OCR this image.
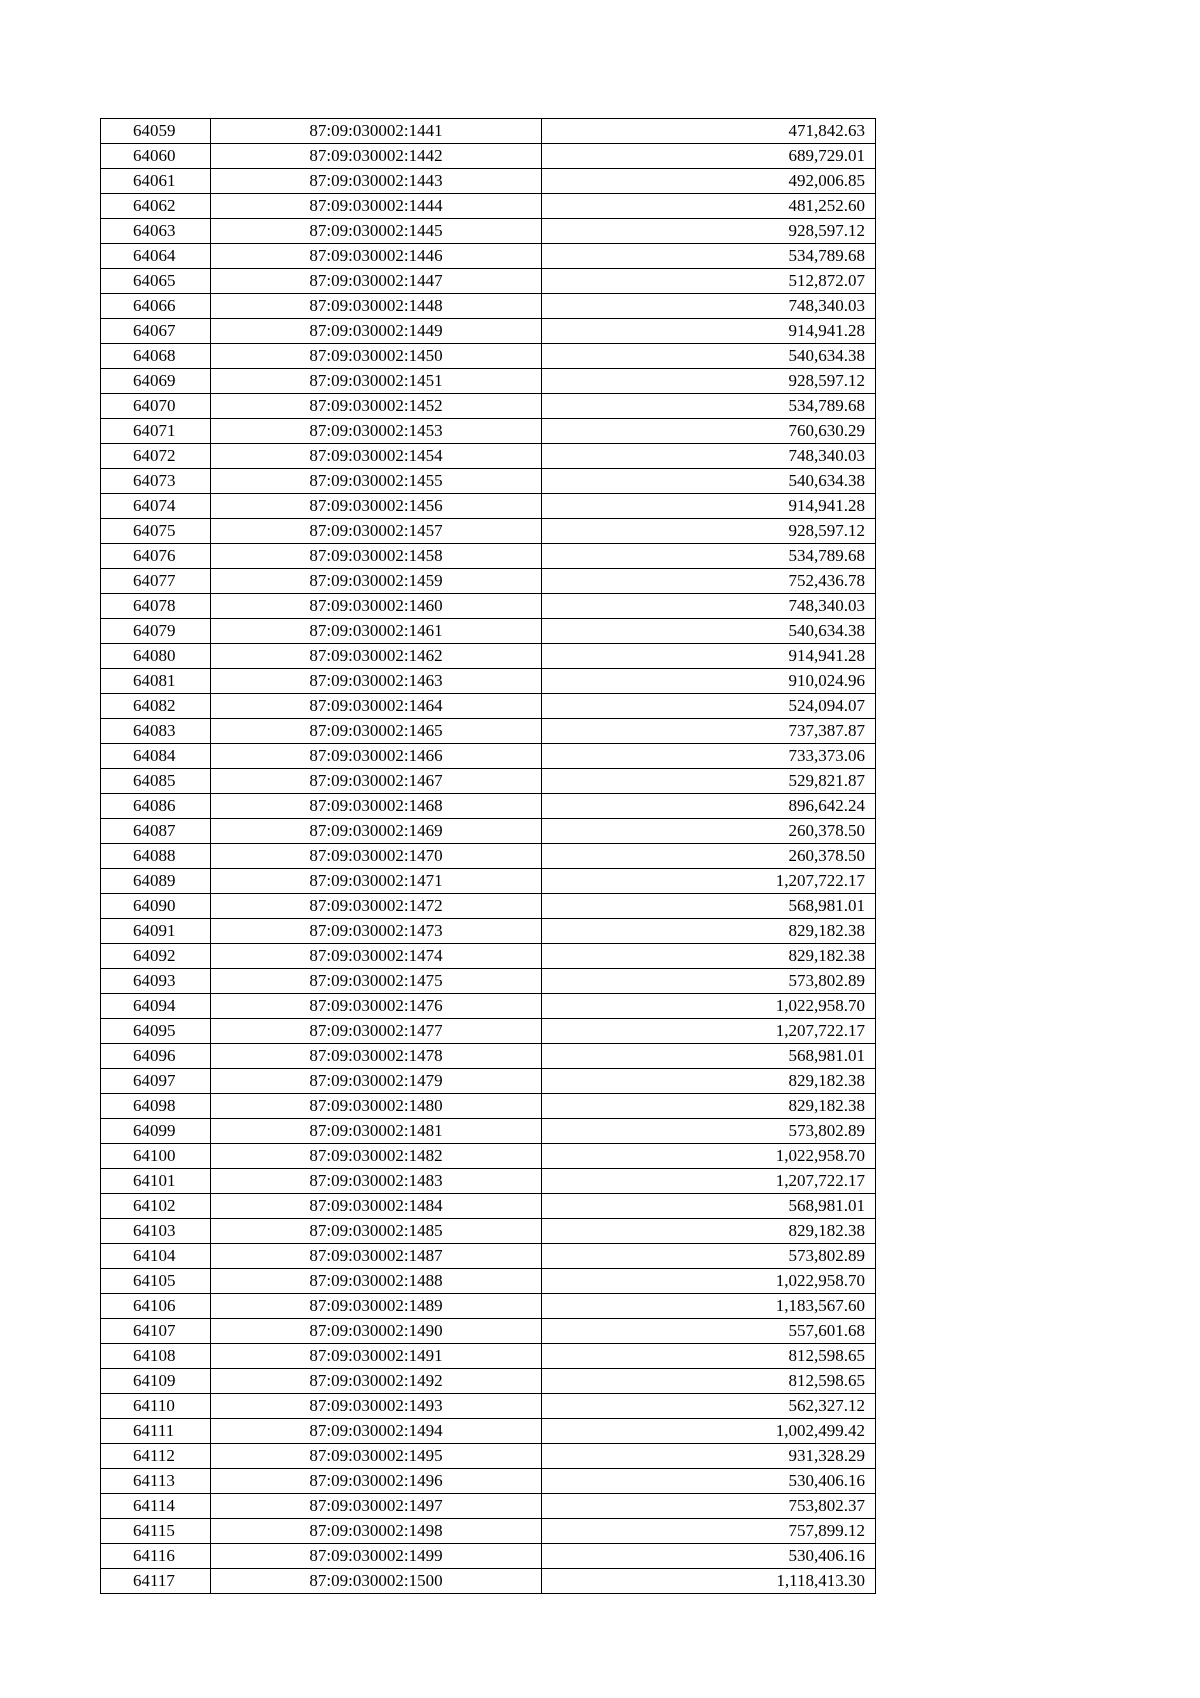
64059	87:09:030002:1441	471,842.63
64060	87:09:030002:1442	689,729.01
64061	87:09:030002:1443	492,006.85
64062	87:09:030002:1444	481,252.60
64063	87:09:030002:1445	928,597.12
64064	87:09:030002:1446	534,789.68
64065	87:09:030002:1447	512,872.07
64066	87:09:030002:1448	748,340.03
64067	87:09:030002:1449	914,941.28
64068	87:09:030002:1450	540,634.38
64069	87:09:030002:1451	928,597.12
64070	87:09:030002:1452	534,789.68
64071	87:09:030002:1453	760,630.29
64072	87:09:030002:1454	748,340.03
64073	87:09:030002:1455	540,634.38
64074	87:09:030002:1456	914,941.28
64075	87:09:030002:1457	928,597.12
64076	87:09:030002:1458	534,789.68
64077	87:09:030002:1459	752,436.78
64078	87:09:030002:1460	748,340.03
64079	87:09:030002:1461	540,634.38
64080	87:09:030002:1462	914,941.28
64081	87:09:030002:1463	910,024.96
64082	87:09:030002:1464	524,094.07
64083	87:09:030002:1465	737,387.87
64084	87:09:030002:1466	733,373.06
64085	87:09:030002:1467	529,821.87
64086	87:09:030002:1468	896,642.24
64087	87:09:030002:1469	260,378.50
64088	87:09:030002:1470	260,378.50
64089	87:09:030002:1471	1,207,722.17
64090	87:09:030002:1472	568,981.01
64091	87:09:030002:1473	829,182.38
64092	87:09:030002:1474	829,182.38
64093	87:09:030002:1475	573,802.89
64094	87:09:030002:1476	1,022,958.70
64095	87:09:030002:1477	1,207,722.17
64096	87:09:030002:1478	568,981.01
64097	87:09:030002:1479	829,182.38
64098	87:09:030002:1480	829,182.38
64099	87:09:030002:1481	573,802.89
64100	87:09:030002:1482	1,022,958.70
64101	87:09:030002:1483	1,207,722.17
64102	87:09:030002:1484	568,981.01
64103	87:09:030002:1485	829,182.38
64104	87:09:030002:1487	573,802.89
64105	87:09:030002:1488	1,022,958.70
64106	87:09:030002:1489	1,183,567.60
64107	87:09:030002:1490	557,601.68
64108	87:09:030002:1491	812,598.65
64109	87:09:030002:1492	812,598.65
64110	87:09:030002:1493	562,327.12
64111	87:09:030002:1494	1,002,499.42
64112	87:09:030002:1495	931,328.29
64113	87:09:030002:1496	530,406.16
64114	87:09:030002:1497	753,802.37
64115	87:09:030002:1498	757,899.12
64116	87:09:030002:1499	530,406.16
64117	87:09:030002:1500	1,118,413.30
